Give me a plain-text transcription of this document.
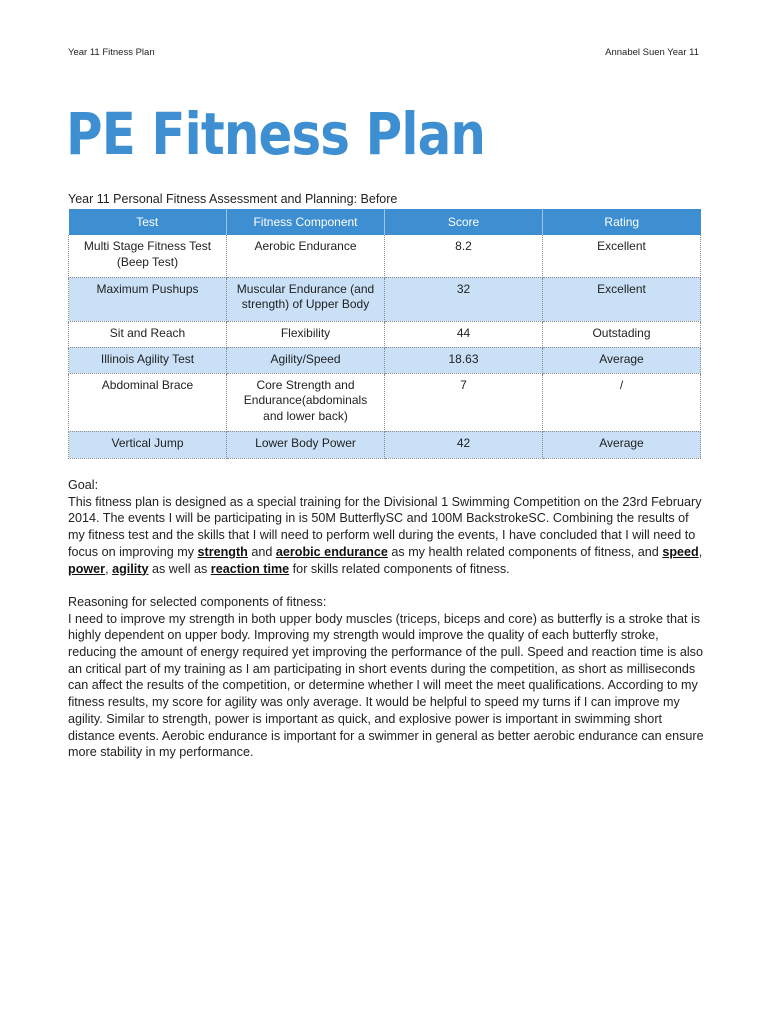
Year 11 Fitness Plan	Annabel Suen Year 11
PE Fitness Plan
Year 11 Personal Fitness Assessment and Planning: Before
Test	Fitness Component	Score	Rating
Multi Stage Fitness Test (Beep Test)	Aerobic Endurance	8.2	Excellent
Maximum Pushups	Muscular Endurance (and strength) of Upper Body	32	Excellent
Sit and Reach	Flexibility	44	Outstading
Illinois Agility Test	Agility/Speed	18.63	Average
Abdominal Brace	Core Strength and Endurance(abdominals and lower back)	7	/
Vertical Jump	Lower Body Power	42	Average

Goal:

This fitness plan is designed as a special training for the Divisional 1 Swimming Competition on the 23rd February 2014. The events I will be participating in is 50M ButterflySC and 100M BackstrokeSC. Combining the results of my fitness test and the skills that I will need to perform well during the events, I have concluded that I will need to focus on improving my strength and aerobic endurance as my health related components of fitness, and speed, power, agility as well as reaction time for skills related components of fitness.

Reasoning for selected components of fitness:

I need to improve my strength in both upper body muscles (triceps, biceps and core) as butterfly is a stroke that is highly dependent on upper body. Improving my strength would improve the quality of each butterfly stroke, reducing the amount of energy required yet improving the performance of the pull. Speed and reaction time is also an critical part of my training as I am participating in short events during the competition, as short as milliseconds can affect the results of the competition, or determine whether I will meet the meet qualifications. According to my fitness results, my score for agility was only average. It would be helpful to speed my turns if I can improve my agility. Similar to strength, power is important as quick, and explosive power is important in swimming short distance events. Aerobic endurance is important for a swimmer in general as better aerobic endurance can ensure more stability in my performance.
